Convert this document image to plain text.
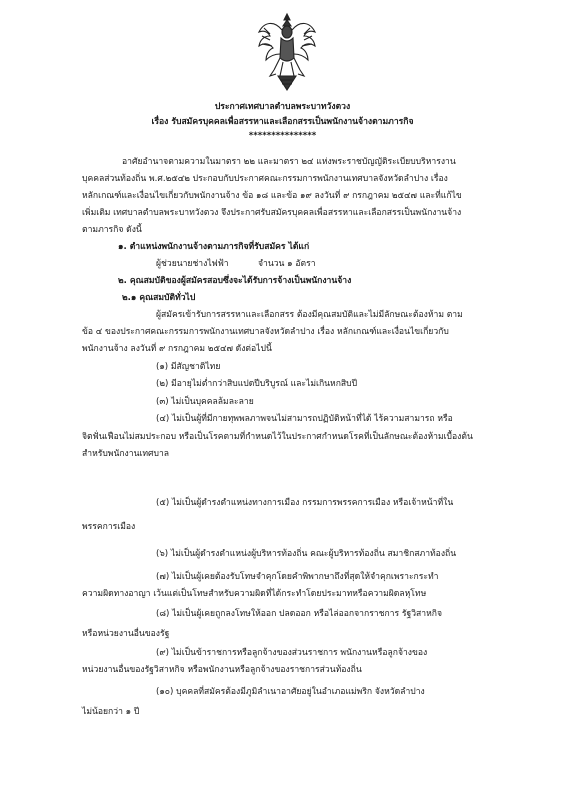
ประกาศเทศบาลตำบลพระบาทวังตวง
เรื่อง รับสมัครบุคคลเพื่อสรรหาและเลือกสรรเป็นพนักงานจ้างตามภารกิจ
***************
อาศัยอำนาจตามความในมาตรา ๒๒ และมาตรา ๒๔ แห่งพระราชบัญญัติระเบียบบริหารงาน
บุคคลส่วนท้องถิ่น พ.ศ.๒๕๔๒ ประกอบกับประกาศคณะกรรมการพนักงานเทศบาลจังหวัดลำปาง เรื่อง
หลักเกณฑ์และเงื่อนไขเกี่ยวกับพนักงานจ้าง ข้อ ๑๘ และข้อ ๑๙ ลงวันที่ ๙ กรกฎาคม ๒๕๔๗ และที่แก้ไข
เพิ่มเติม เทศบาลตำบลพระบาทวังตวง จึงประกาศรับสมัครบุคคลเพื่อสรรหาและเลือกสรรเป็นพนักงานจ้าง
ตามภารกิจ ดังนี้
๑. ตำแหน่งพนักงานจ้างตามภารกิจที่รับสมัคร ได้แก่
ผู้ช่วยนายช่างไฟฟ้า	จำนวน ๑ อัตรา
๒. คุณสมบัติของผู้สมัครสอบซึ่งจะได้รับการจ้างเป็นพนักงานจ้าง
๒.๑ คุณสมบัติทั่วไป
ผู้สมัครเข้ารับการสรรหาและเลือกสรร ต้องมีคุณสมบัติและไม่มีลักษณะต้องห้าม ตาม
ข้อ ๔ ของประกาศคณะกรรมการพนักงานเทศบาลจังหวัดลำปาง เรื่อง หลักเกณฑ์และเงื่อนไขเกี่ยวกับ
พนักงานจ้าง ลงวันที่ ๙ กรกฎาคม ๒๕๔๗ ดังต่อไปนี้
(๑) มีสัญชาติไทย
(๒) มีอายุไม่ต่ำกว่าสิบแปดปีบริบูรณ์ และไม่เกินหกสิบปี
(๓) ไม่เป็นบุคคลล้มละลาย
(๔) ไม่เป็นผู้ที่มีกายทุพพลภาพจนไม่สามารถปฏิบัติหน้าที่ได้ ไร้ความสามารถ หรือ
จิตฟั่นเฟือนไม่สมประกอบ หรือเป็นโรคตามที่กำหนดไว้ในประกาศกำหนดโรคที่เป็นลักษณะต้องห้ามเบื้องต้น
สำหรับพนักงานเทศบาล
(๕) ไม่เป็นผู้ดำรงตำแหน่งทางการเมือง กรรมการพรรคการเมือง หรือเจ้าหน้าที่ใน
พรรคการเมือง
(๖) ไม่เป็นผู้ดำรงตำแหน่งผู้บริหารท้องถิ่น คณะผู้บริหารท้องถิ่น สมาชิกสภาท้องถิ่น
(๗) ไม่เป็นผู้เคยต้องรับโทษจำคุกโดยคำพิพากษาถึงที่สุดให้จำคุกเพราะกระทำ
ความผิดทางอาญา เว้นแต่เป็นโทษสำหรับความผิดที่ได้กระทำโดยประมาทหรือความผิดลหุโทษ
(๘) ไม่เป็นผู้เคยถูกลงโทษให้ออก ปลดออก หรือไล่ออกจากราชการ รัฐวิสาหกิจ
หรือหน่วยงานอื่นของรัฐ
(๙) ไม่เป็นข้าราชการหรือลูกจ้างของส่วนราชการ พนักงานหรือลูกจ้างของ
หน่วยงานอื่นของรัฐวิสาหกิจ หรือพนักงานหรือลูกจ้างของราชการส่วนท้องถิ่น
(๑๐) บุคคลที่สมัครต้องมีภูมิลำเนาอาศัยอยู่ในอำเภอแม่พริก จังหวัดลำปาง
ไม่น้อยกว่า ๑ ปี
